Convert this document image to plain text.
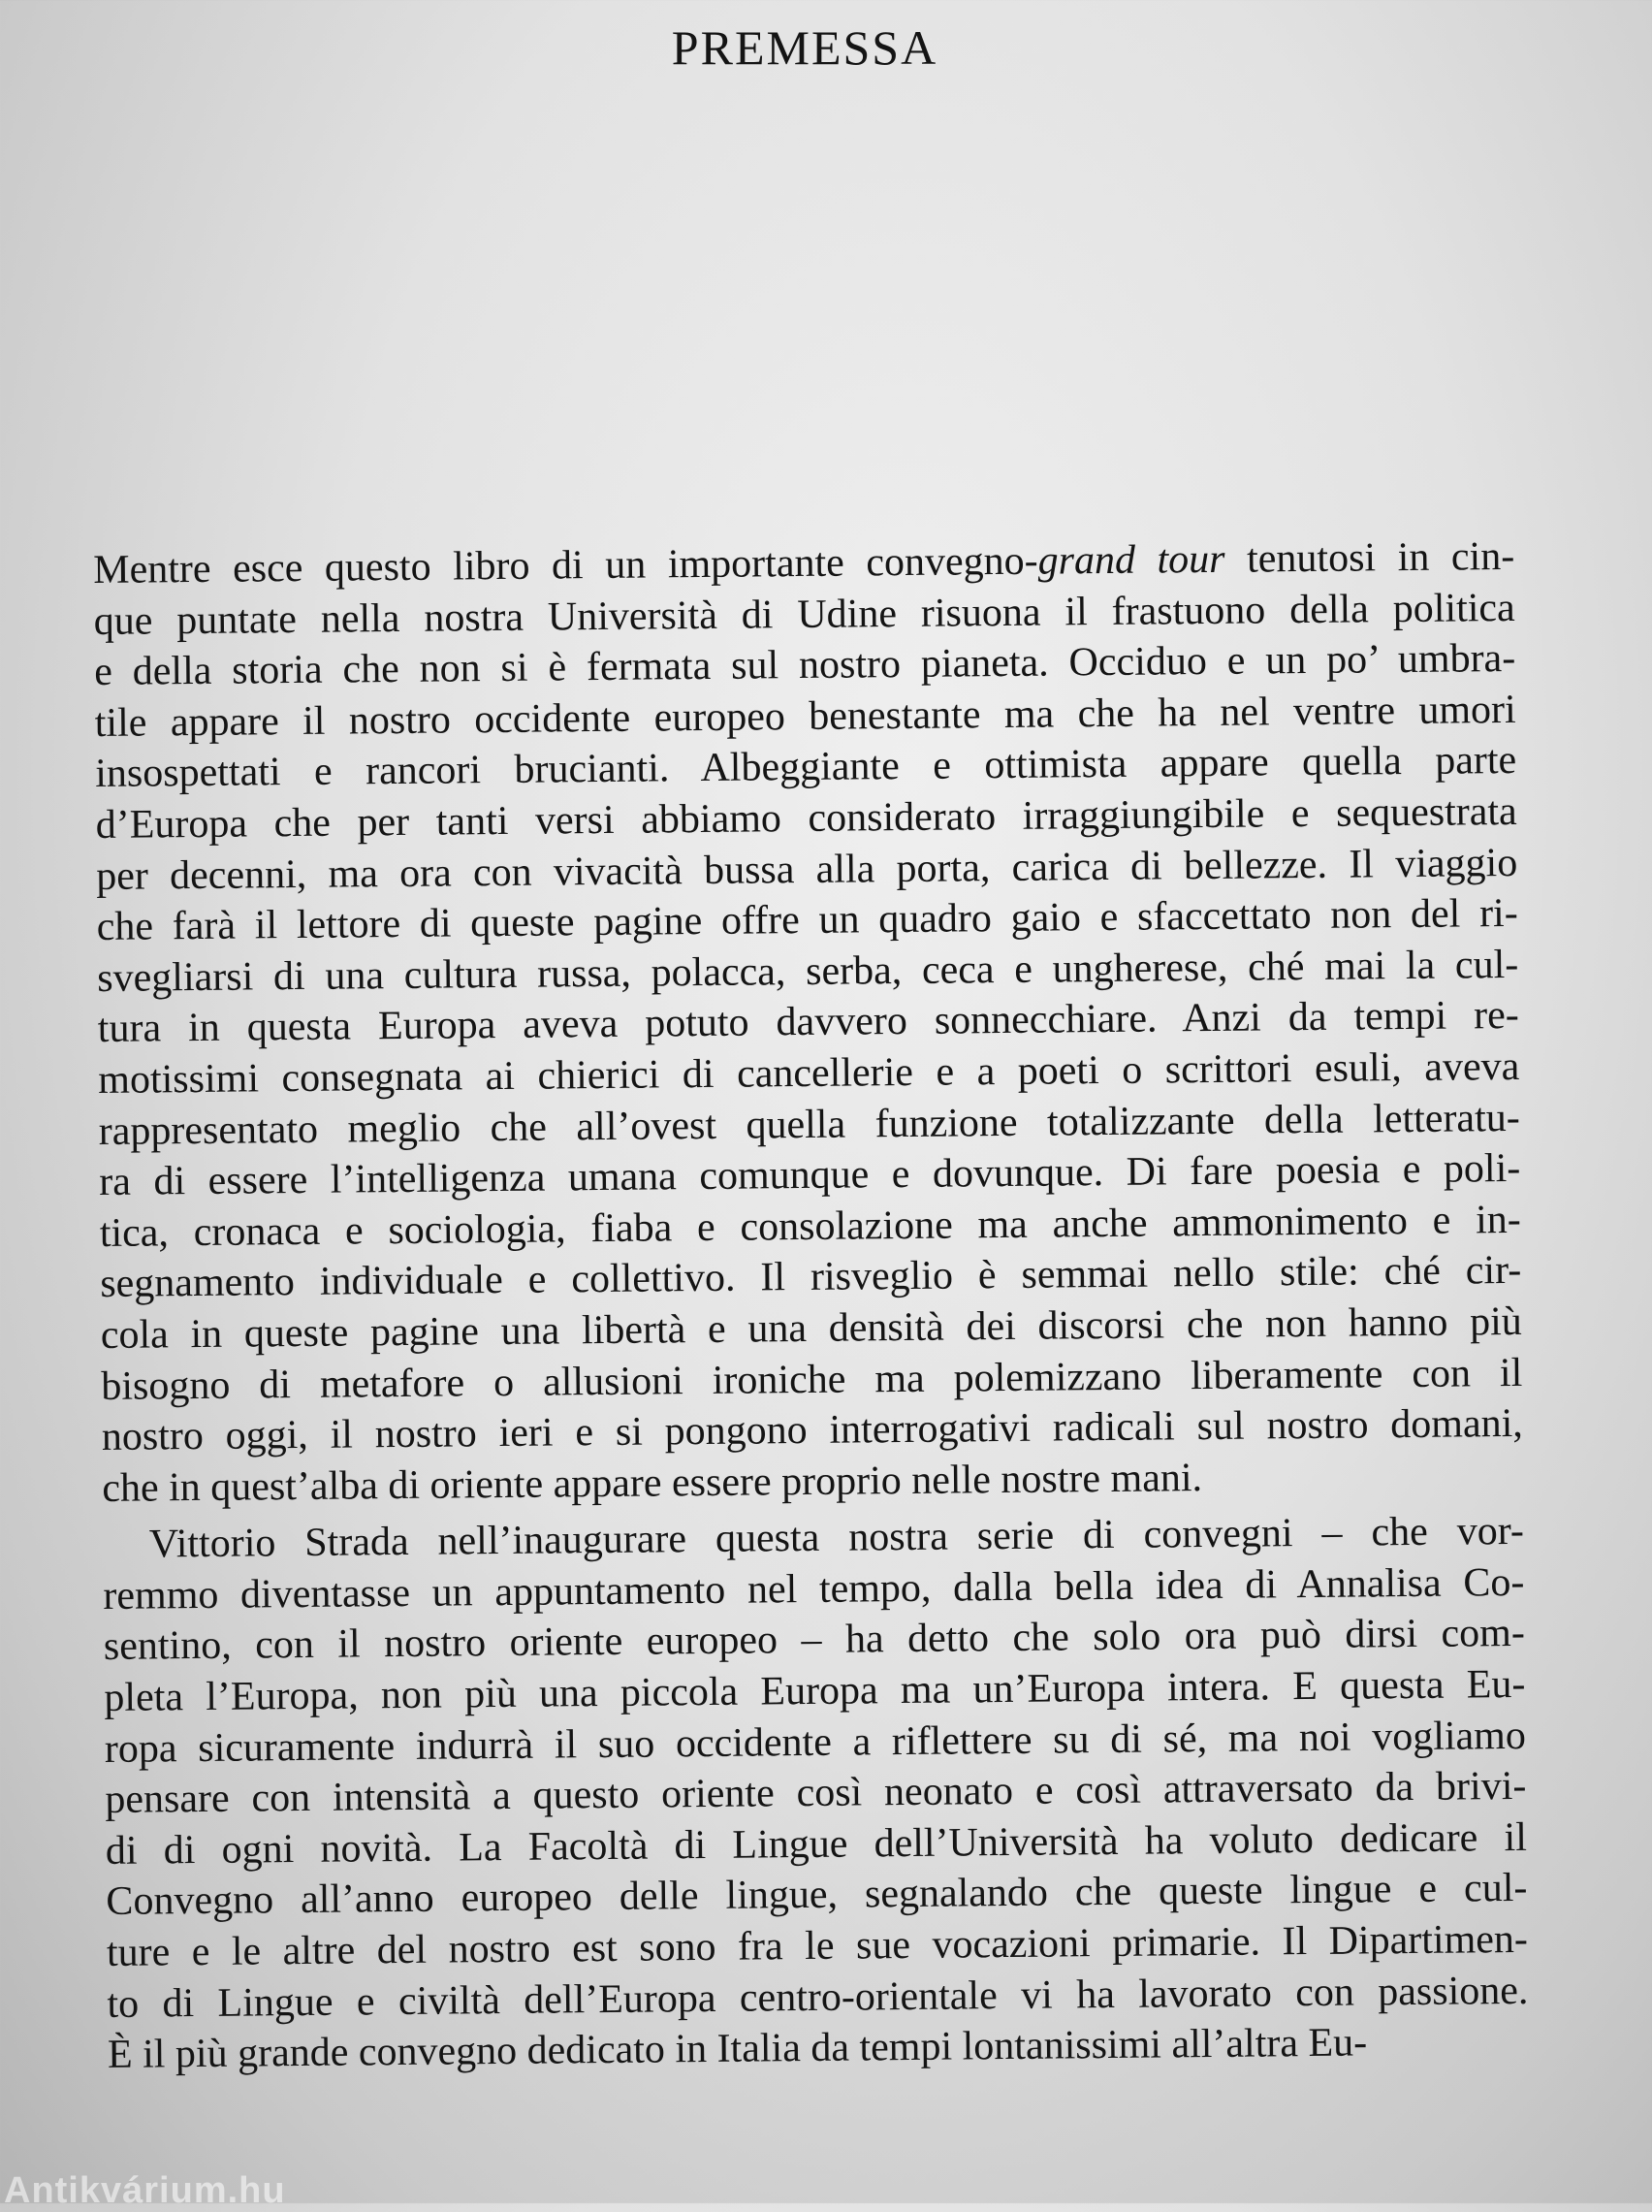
PREMESSA
Mentre esce questo libro di un importante convegno-grand tour tenutosi in cin-
que puntate nella nostra Università di Udine risuona il frastuono della politica
e della storia che non si è fermata sul nostro pianeta. Occiduo e un po’ umbra-
tile appare il nostro occidente europeo benestante ma che ha nel ventre umori
insospettati e rancori brucianti. Albeggiante e ottimista appare quella parte
d’Europa che per tanti versi abbiamo considerato irraggiungibile e sequestrata
per decenni, ma ora con vivacità bussa alla porta, carica di bellezze. Il viaggio
che farà il lettore di queste pagine offre un quadro gaio e sfaccettato non del ri-
svegliarsi di una cultura russa, polacca, serba, ceca e ungherese, ché mai la cul-
tura in questa Europa aveva potuto davvero sonnecchiare. Anzi da tempi re-
motissimi consegnata ai chierici di cancellerie e a poeti o scrittori esuli, aveva
rappresentato meglio che all’ovest quella funzione totalizzante della letteratu-
ra di essere l’intelligenza umana comunque e dovunque. Di fare poesia e poli-
tica, cronaca e sociologia, fiaba e consolazione ma anche ammonimento e in-
segnamento individuale e collettivo. Il risveglio è semmai nello stile: ché cir-
cola in queste pagine una libertà e una densità dei discorsi che non hanno più
bisogno di metafore o allusioni ironiche ma polemizzano liberamente con il
nostro oggi, il nostro ieri e si pongono interrogativi radicali sul nostro domani,
che in quest’alba di oriente appare essere proprio nelle nostre mani.
Vittorio Strada nell’inaugurare questa nostra serie di convegni – che vor-
remmo diventasse un appuntamento nel tempo, dalla bella idea di Annalisa Co-
sentino, con il nostro oriente europeo – ha detto che solo ora può dirsi com-
pleta l’Europa, non più una piccola Europa ma un’Europa intera. E questa Eu-
ropa sicuramente indurrà il suo occidente a riflettere su di sé, ma noi vogliamo
pensare con intensità a questo oriente così neonato e così attraversato da brivi-
di di ogni novità. La Facoltà di Lingue dell’Università ha voluto dedicare il
Convegno all’anno europeo delle lingue, segnalando che queste lingue e cul-
ture e le altre del nostro est sono fra le sue vocazioni primarie. Il Dipartimen-
to di Lingue e civiltà dell’Europa centro-orientale vi ha lavorato con passione.
È il più grande convegno dedicato in Italia da tempi lontanissimi all’altra Eu-
Antikvárium.hu
